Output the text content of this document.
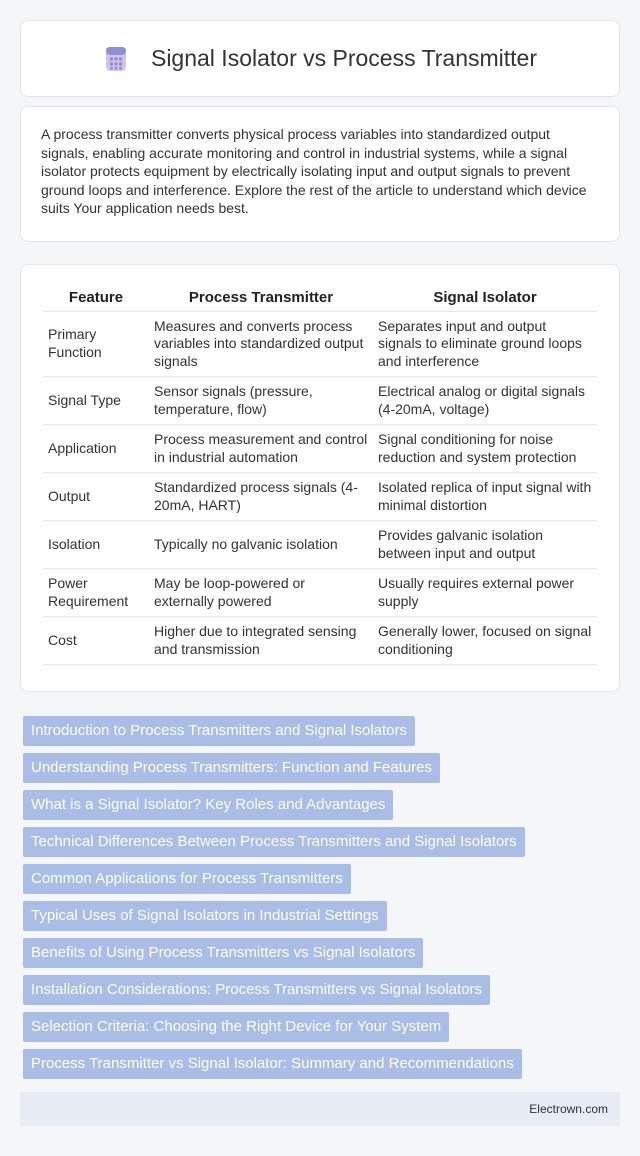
Signal Isolator vs Process Transmitter

A process transmitter converts physical process variables into standardized output signals, enabling accurate monitoring and control in industrial systems, while a signal isolator protects equipment by electrically isolating input and output signals to prevent ground loops and interference. Explore the rest of the article to understand which device suits Your application needs best.

Feature	Process Transmitter	Signal Isolator
Primary Function	Measures and converts process variables into standardized output signals	Separates input and output signals to eliminate ground loops and interference
Signal Type	Sensor signals (pressure, temperature, flow)	Electrical analog or digital signals (4-20mA, voltage)
Application	Process measurement and control in industrial automation	Signal conditioning for noise reduction and system protection
Output	Standardized process signals (4-20mA, HART)	Isolated replica of input signal with minimal distortion
Isolation	Typically no galvanic isolation	Provides galvanic isolation between input and output
Power Requirement	May be loop-powered or externally powered	Usually requires external power supply
Cost	Higher due to integrated sensing and transmission	Generally lower, focused on signal conditioning
Introduction to Process Transmitters and Signal Isolators
Understanding Process Transmitters: Function and Features
What is a Signal Isolator? Key Roles and Advantages
Technical Differences Between Process Transmitters and Signal Isolators
Common Applications for Process Transmitters
Typical Uses of Signal Isolators in Industrial Settings
Benefits of Using Process Transmitters vs Signal Isolators
Installation Considerations: Process Transmitters vs Signal Isolators
Selection Criteria: Choosing the Right Device for Your System
Process Transmitter vs Signal Isolator: Summary and Recommendations
Electrown.com
